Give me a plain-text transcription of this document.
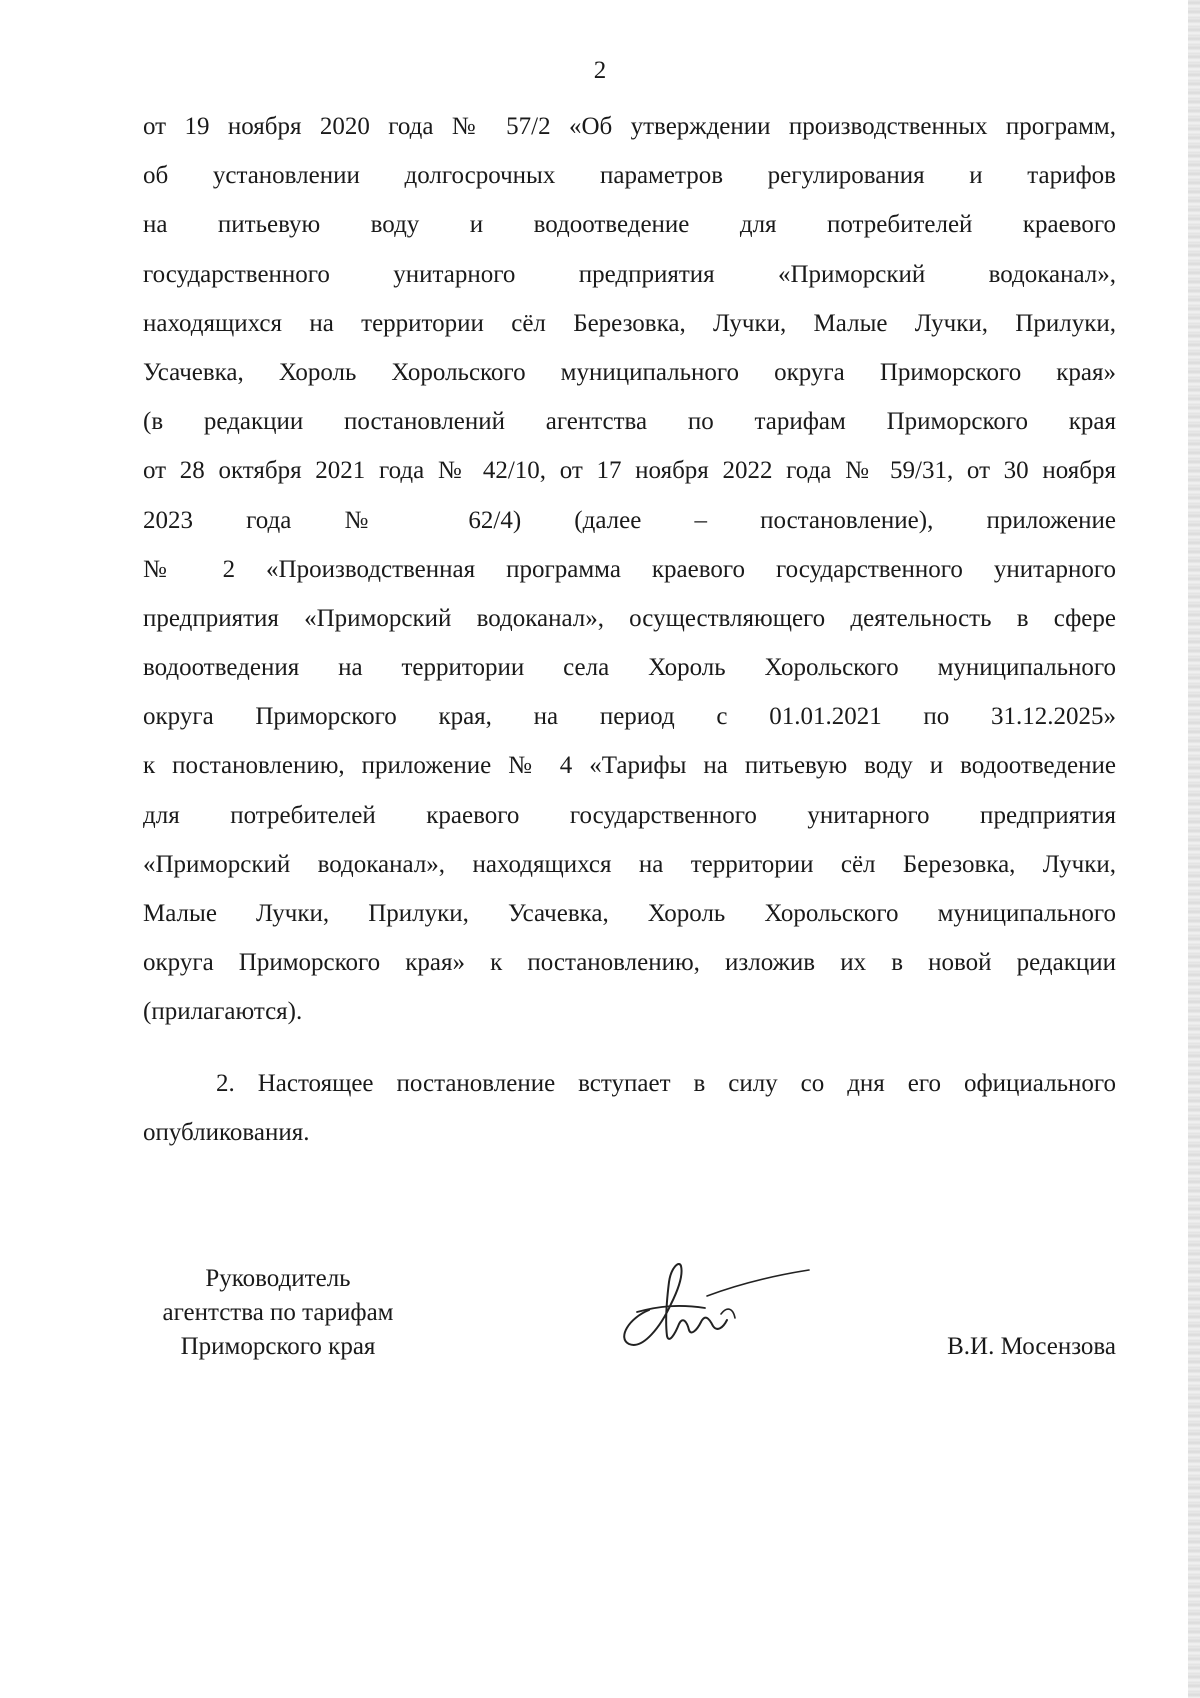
2
от 19 ноября 2020 года № 57/2 «Об утверждении производственных программ,
об установлении долгосрочных параметров регулирования и тарифов
на питьевую воду и водоотведение для потребителей краевого
государственного унитарного предприятия «Приморский водоканал»,
находящихся на территории сёл Березовка, Лучки, Малые Лучки, Прилуки,
Усачевка, Хороль Хорольского муниципального округа Приморского края»
(в редакции постановлений агентства по тарифам Приморского края
от 28 октября 2021 года № 42/10, от 17 ноября 2022 года № 59/31, от 30 ноября
2023 года № 62/4) (далее – постановление), приложение
№ 2 «Производственная программа краевого государственного унитарного
предприятия «Приморский водоканал», осуществляющего деятельность в сфере
водоотведения на территории села Хороль Хорольского муниципального
округа Приморского края, на период с 01.01.2021 по 31.12.2025»
к постановлению, приложение № 4 «Тарифы на питьевую воду и водоотведение
для потребителей краевого государственного унитарного предприятия
«Приморский водоканал», находящихся на территории сёл Березовка, Лучки,
Малые Лучки, Прилуки, Усачевка, Хороль Хорольского муниципального
округа Приморского края» к постановлению, изложив их в новой редакции
(прилагаются).
2. Настоящее постановление вступает в силу со дня его официального
опубликования.
Руководитель
агентства по тарифам
Приморского края	В.И. Мосензова
